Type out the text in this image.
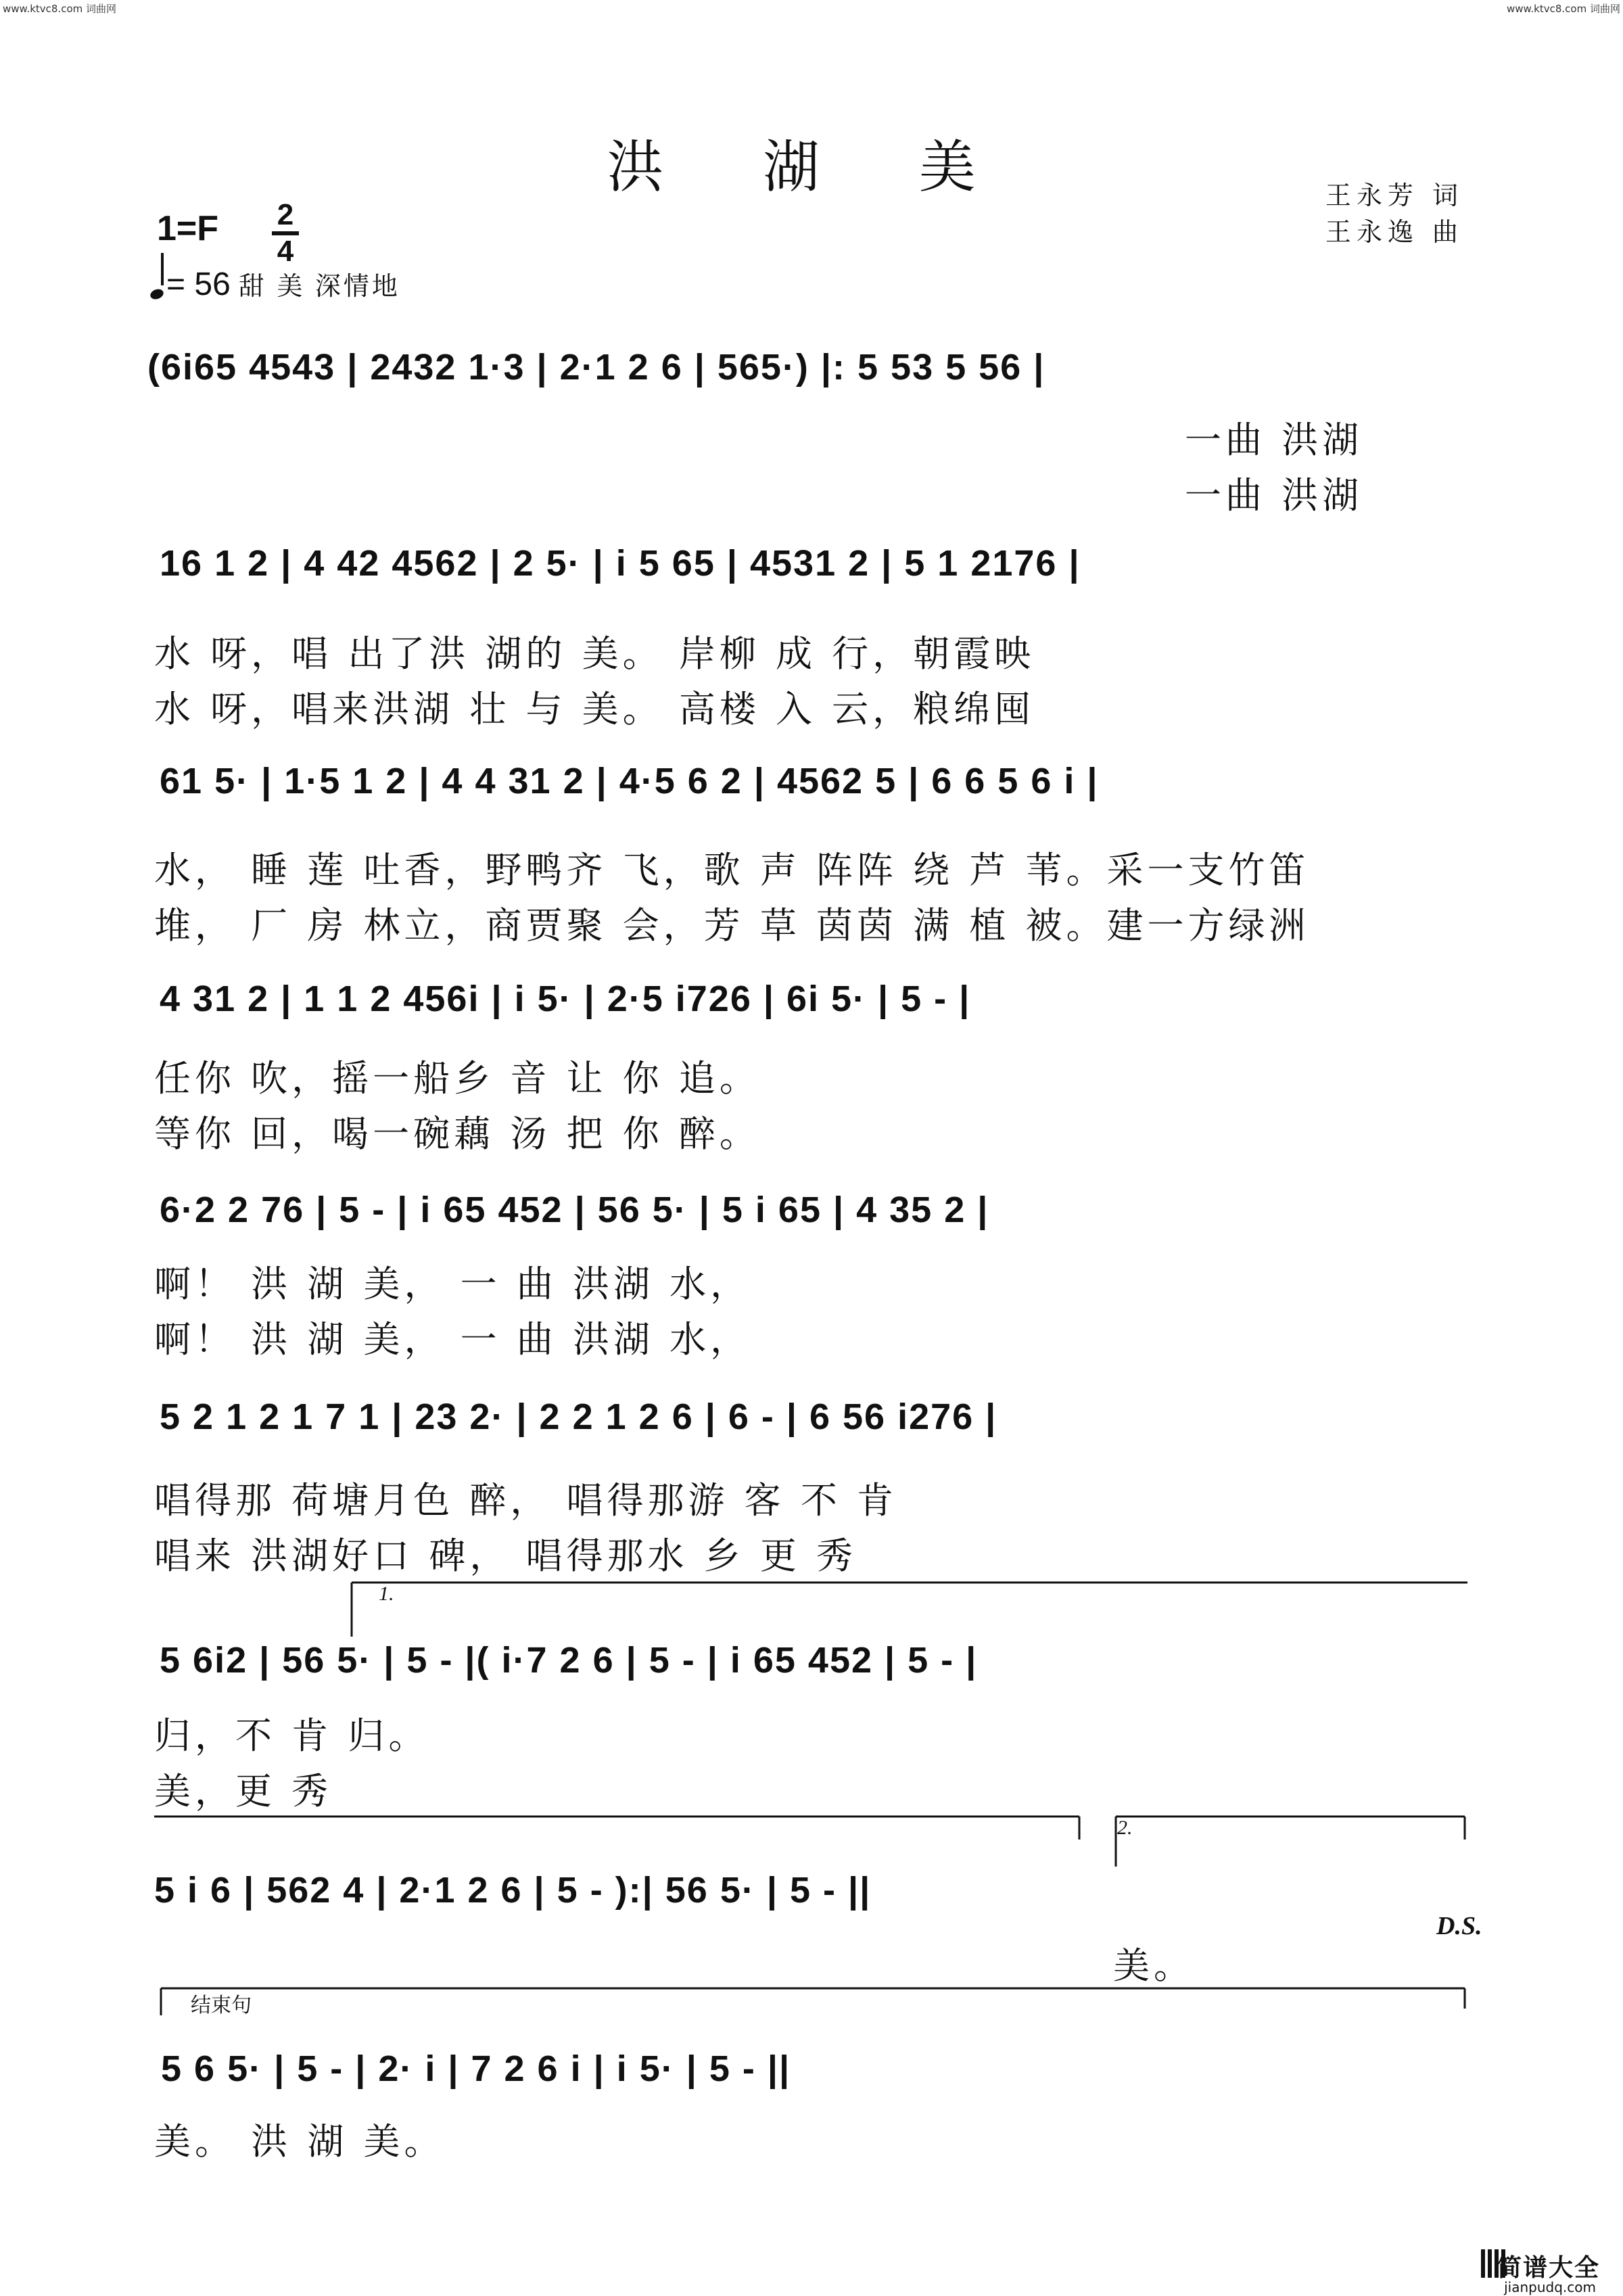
www.ktvc8.com 词曲网	www.ktvc8.com 词曲网
洪 湖 美	王永芳 词
王永逸 曲
1=F 2
4
= 56 甜 美 深情地
(6i65 4543 | 2432 1·3 | 2·1 2 6 | 565·) |: 5 53 5 56 |
一曲 洪湖
一曲 洪湖
16 1 2 | 4 42 4562 | 2 5· | i 5 65 | 4531 2 | 5 1 2176 |
水 呀，唱 出了洪 湖的 美。 岸柳 成 行，朝霞映
水 呀，唱来洪湖 壮 与 美。 高楼 入 云，粮绵囤
61 5· | 1·5 1 2 | 4 4 31 2 | 4·5 6 2 | 4562 5 | 6 6 5 6 i |
水， 睡 莲 吐香，野鸭齐 飞，歌 声 阵阵 绕 芦 苇。采一支竹笛
堆， 厂 房 林立，商贾聚 会，芳 草 茵茵 满 植 被。建一方绿洲
4 31 2 | 1 1 2 456i | i 5· | 2·5 i726 | 6i 5· | 5 - |
任你 吹，摇一船乡 音 让 你 追。
等你 回，喝一碗藕 汤 把 你 醉。
6·2 2 76 | 5 - | i 65 452 | 56 5· | 5 i 65 | 4 35 2 |
啊！ 洪 湖 美， 一 曲 洪湖 水，
啊！ 洪 湖 美， 一 曲 洪湖 水，
5 2 1 2 1 7 1 | 23 2· | 2 2 1 2 6 | 6 - | 6 56 i276 |
唱得那 荷塘月色 醉， 唱得那游 客 不 肯
唱来 洪湖好口 碑， 唱得那水 乡 更 秀
1.
5 6i2 | 56 5· | 5 - |( i·7 2 6 | 5 - | i 65 452 | 5 - |
归，不 肯 归。
美，更 秀
2.
5 i 6 | 562 4 | 2·1 2 6 | 5 - ):| 56 5· | 5 - ||
美。
D.S.
结束句
5 6 5· | 5 - | 2· i | 7 2 6 i | i 5· | 5 - ||
美。 洪 湖 美。
简谱大全
jianpudq.com
